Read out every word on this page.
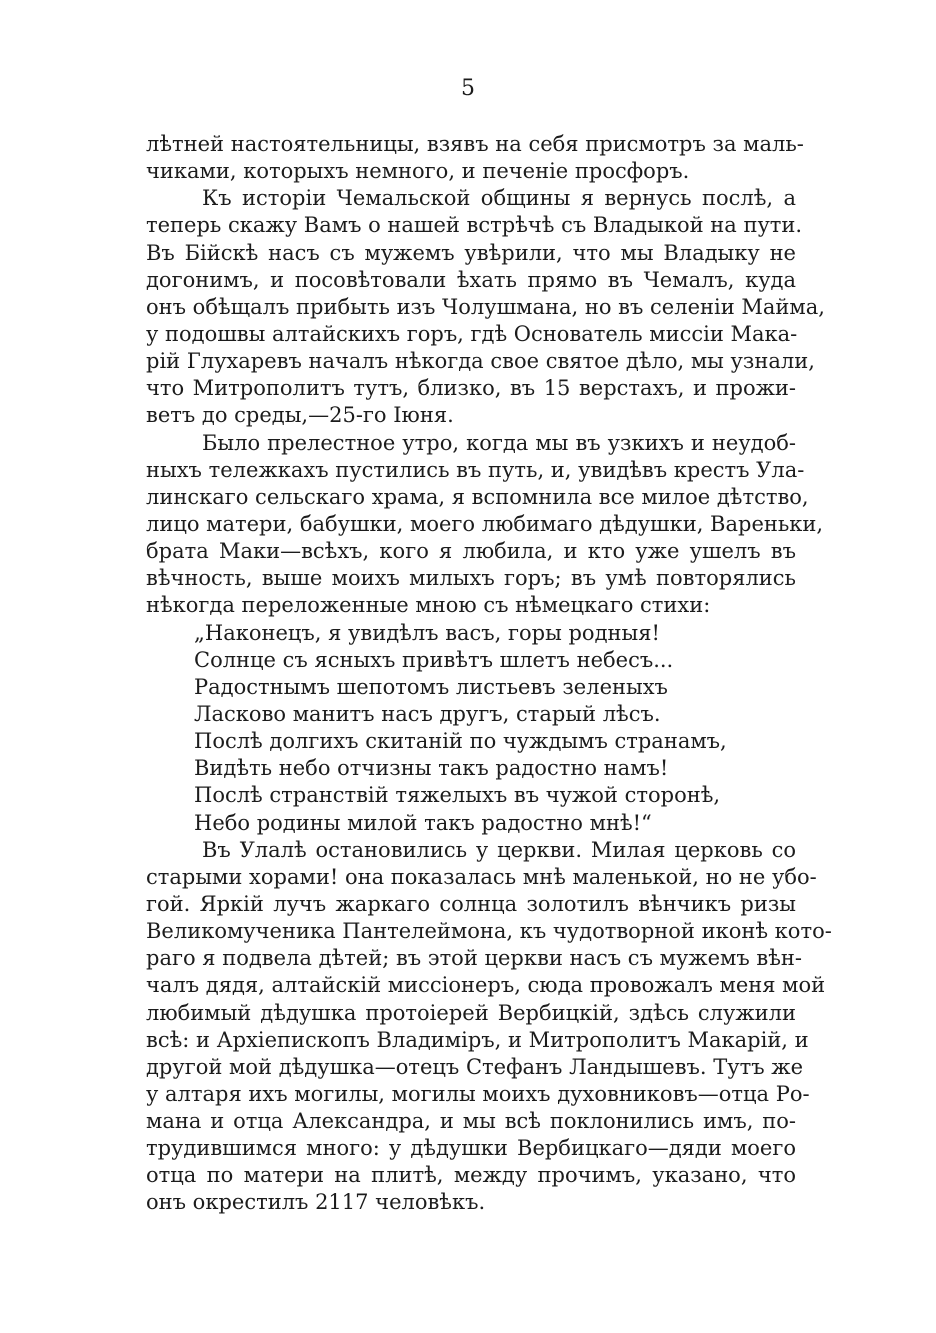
5
лѣтней настоятельницы, взявъ на себя присмотръ за маль-
чиками, которыхъ немного, и печеніе просфоръ.
Къ исторіи Чемальской общины я вернусь послѣ, а
теперь скажу Вамъ о нашей встрѣчѣ съ Владыкой на пути.
Въ Бійскѣ насъ съ мужемъ увѣрили, что мы Владыку не
догонимъ, и посовѣтовали ѣхать прямо въ Чемалъ, куда
онъ обѣщалъ прибыть изъ Чолушмана, но въ селеніи Майма,
у подошвы алтайскихъ горъ, гдѣ Основатель миссіи Мака-
рій Глухаревъ началъ нѣкогда свое святое дѣло, мы узнали,
что Митрополитъ тутъ, близко, въ 15 верстахъ, и прожи-
ветъ до среды,—25-го Іюня.
Было прелестное утро, когда мы въ узкихъ и неудоб-
ныхъ тележкахъ пустились въ путь, и, увидѣвъ крестъ Ула-
линскаго сельскаго храма, я вспомнила все милое дѣтство,
лицо матери, бабушки, моего любимаго дѣдушки, Вареньки,
брата Маки—всѣхъ, кого я любила, и кто уже ушелъ въ
вѣчность, выше моихъ милыхъ горъ; въ умѣ повторялись
нѣкогда переложенные мною съ нѣмецкаго стихи:
„Наконецъ, я увидѣлъ васъ, горы родныя!
Солнце съ ясныхъ привѣтъ шлетъ небесъ...
Радостнымъ шепотомъ листьевъ зеленыхъ
Ласково манитъ насъ другъ, старый лѣсъ.
Послѣ долгихъ скитаній по чуждымъ странамъ,
Видѣть небо отчизны такъ радостно намъ!
Послѣ странствій тяжелыхъ въ чужой сторонѣ,
Небо родины милой такъ радостно мнѣ!“
Въ Улалѣ остановились у церкви. Милая церковь со
старыми хорами! она показалась мнѣ маленькой, но не убо-
гой. Яркій лучъ жаркаго солнца золотилъ вѣнчикъ ризы
Великомученика Пантелеймона, къ чудотворной иконѣ кото-
раго я подвела дѣтей; въ этой церкви насъ съ мужемъ вѣн-
чалъ дядя, алтайскій миссіонеръ, сюда провожалъ меня мой
любимый дѣдушка протоіерей Вербицкій, здѣсь служили
всѣ: и Архіепископъ Владиміръ, и Митрополитъ Макарій, и
другой мой дѣдушка—отецъ Стефанъ Ландышевъ. Тутъ же
у алтаря ихъ могилы, могилы моихъ духовниковъ—отца Ро-
мана и отца Александра, и мы всѣ поклонились имъ, по-
трудившимся много: у дѣдушки Вербицкаго—дяди моего
отца по матери на плитѣ, между прочимъ, указано, что
онъ окрестилъ 2117 человѣкъ.
